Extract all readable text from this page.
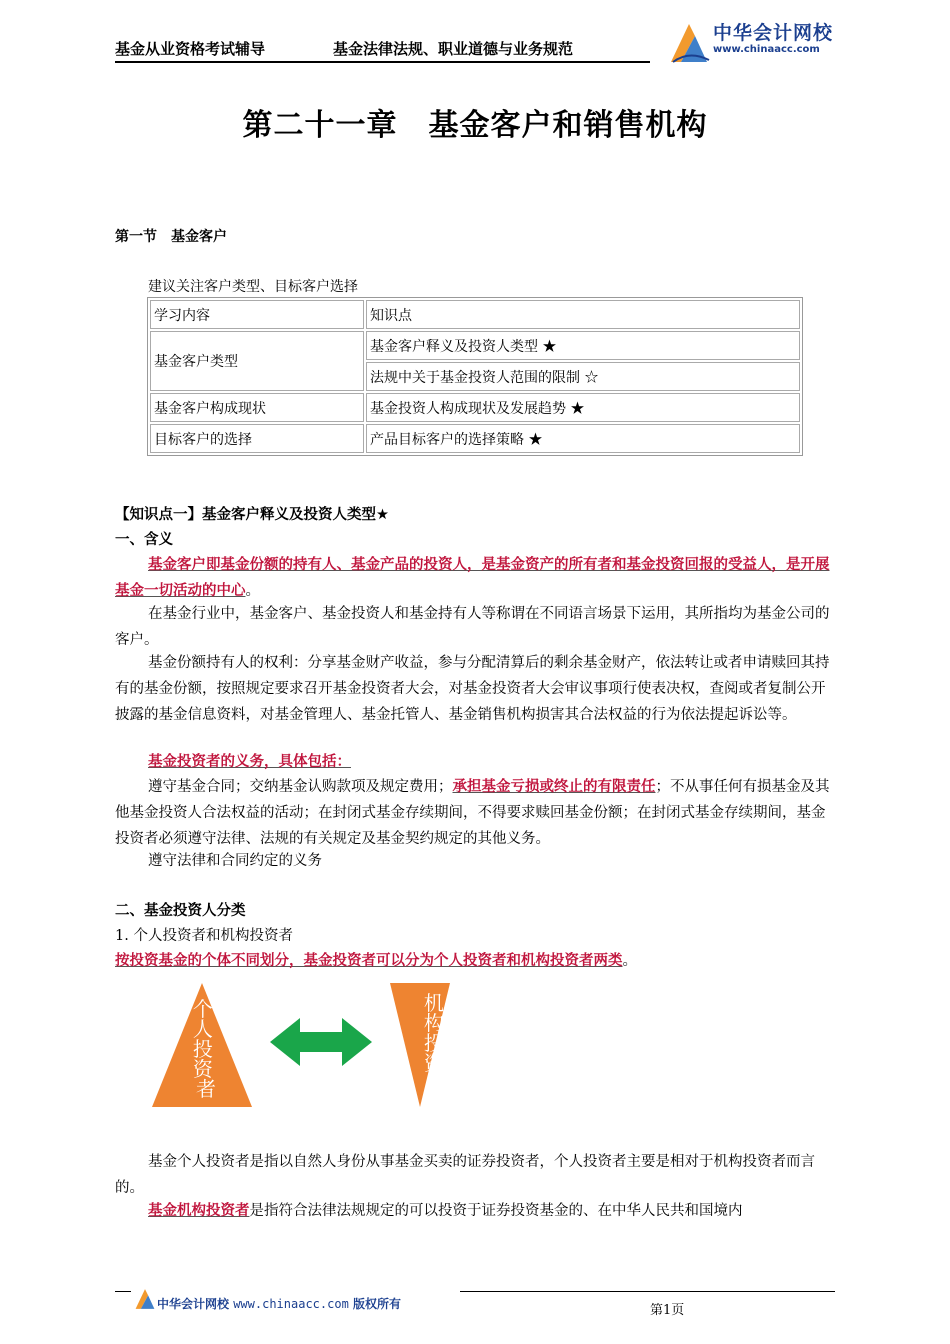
基金从业资格考试辅导	基金法律法规、职业道德与业务规范
中华会计网校
www.chinaacc.com
第二十一章　基金客户和销售机构
第一节　基金客户
建议关注客户类型、目标客户选择
学习内容	知识点
基金客户类型	基金客户释义及投资人类型 ★
	法规中关于基金投资人范围的限制 ☆
基金客户构成现状	基金投资人构成现状及发展趋势 ★
目标客户的选择	产品目标客户的选择策略 ★
【知识点一】基金客户释义及投资人类型★
一、含义
基金客户即基金份额的持有人、基金产品的投资人，是基金资产的所有者和基金投资回报的受益人，是开展基金一切活动的中心。
在基金行业中，基金客户、基金投资人和基金持有人等称谓在不同语言场景下运用，其所指均为基金公司的客户。
基金份额持有人的权利：分享基金财产收益，参与分配清算后的剩余基金财产，依法转让或者申请赎回其持有的基金份额，按照规定要求召开基金投资者大会，对基金投资者大会审议事项行使表决权，查阅或者复制公开披露的基金信息资料，对基金管理人、基金托管人、基金销售机构损害其合法权益的行为依法提起诉讼等。
基金投资者的义务，具体包括：
遵守基金合同；交纳基金认购款项及规定费用；承担基金亏损或终止的有限责任；不从事任何有损基金及其他基金投资人合法权益的活动；在封闭式基金存续期间，不得要求赎回基金份额；在封闭式基金存续期间，基金投资者必须遵守法律、法规的有关规定及基金契约规定的其他义务。
遵守法律和合同约定的义务
二、基金投资人分类
1. 个人投资者和机构投资者
按投资基金的个体不同划分，基金投资者可以分为个人投资者和机构投资者两类。
个 人 投 资 者
机 构 投 资 者
基金个人投资者是指以自然人身份从事基金买卖的证券投资者，个人投资者主要是相对于机构投资者而言的。
基金机构投资者是指符合法律法规规定的可以投资于证券投资基金的、在中华人民共和国境内
中华会计网校 www.chinaacc.com 版权所有	第1页
